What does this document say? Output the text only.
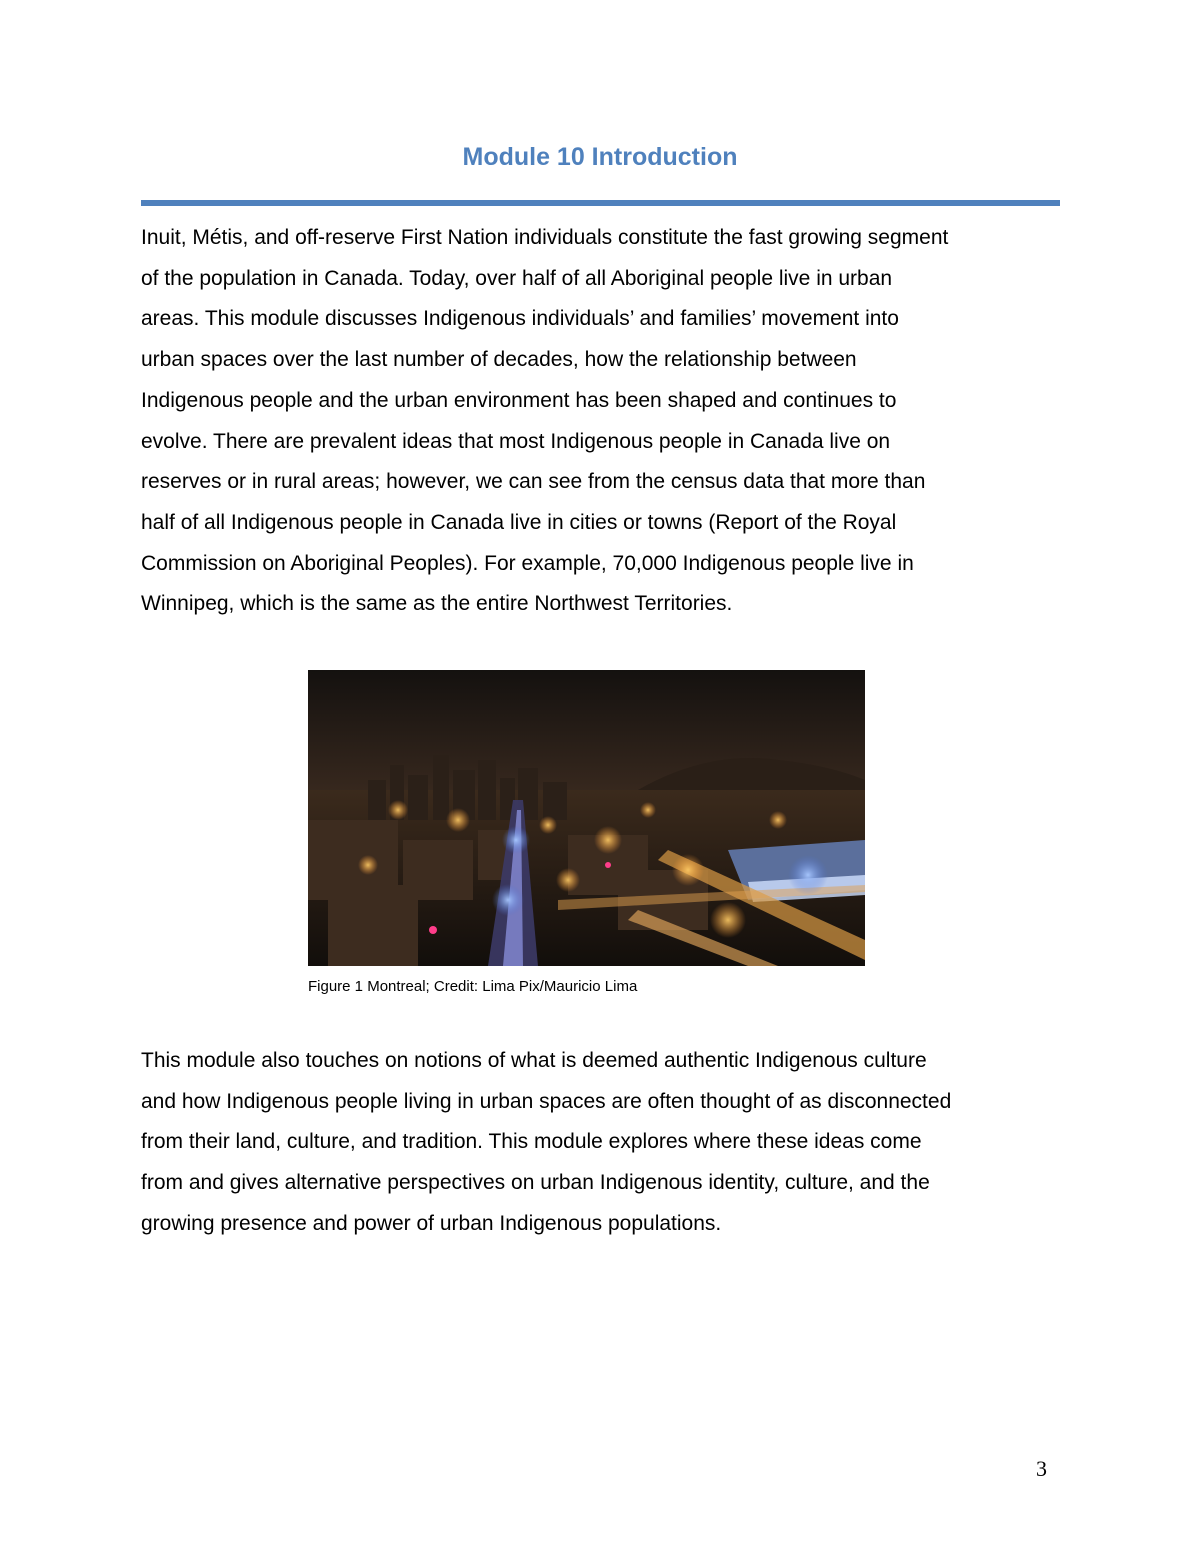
Module 10 Introduction

Inuit, Métis, and off-reserve First Nation individuals constitute the fast growing segment
of the population in Canada. Today, over half of all Aboriginal people live in urban
areas. This module discusses Indigenous individuals’ and families’ movement into
urban spaces over the last number of decades, how the relationship between
Indigenous people and the urban environment has been shaped and continues to
evolve. There are prevalent ideas that most Indigenous people in Canada live on
reserves or in rural areas; however, we can see from the census data that more than
half of all Indigenous people in Canada live in cities or towns (Report of the Royal
Commission on Aboriginal Peoples). For example, 70,000 Indigenous people live in
Winnipeg, which is the same as the entire Northwest Territories.

Figure 1 Montreal; Credit: Lima Pix/Mauricio Lima

This module also touches on notions of what is deemed authentic Indigenous culture
and how Indigenous people living in urban spaces are often thought of as disconnected
from their land, culture, and tradition. This module explores where these ideas come
from and gives alternative perspectives on urban Indigenous identity, culture, and the
growing presence and power of urban Indigenous populations.

3
